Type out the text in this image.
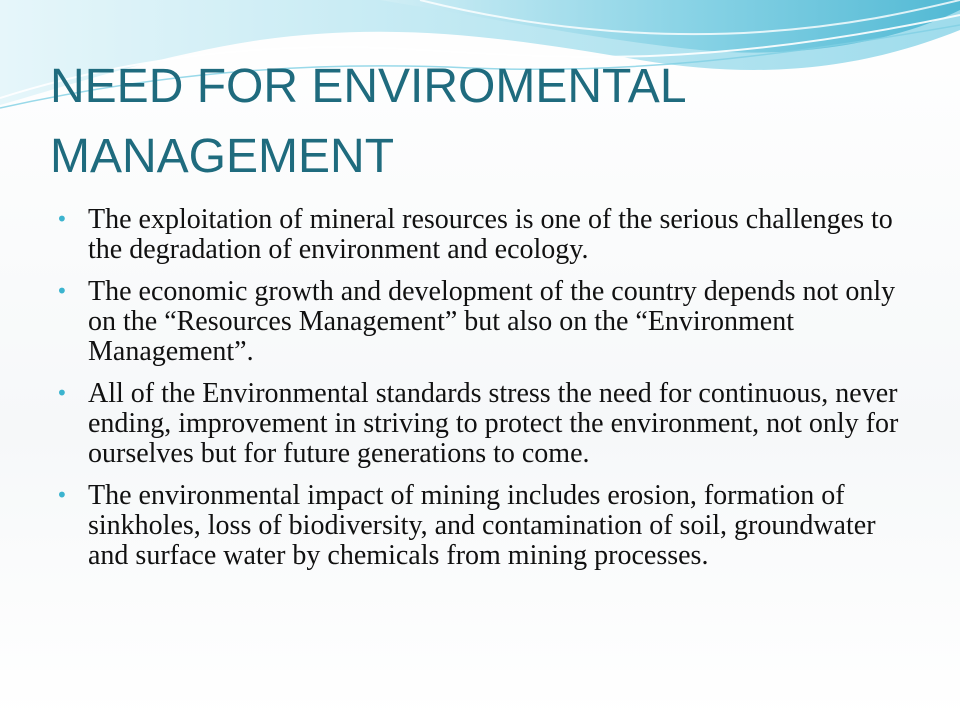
NEED FOR ENVIROMENTAL MANAGEMENT
• The exploitation of mineral resources is one of the serious challenges to the degradation of environment and ecology.
• The economic growth and development of the country depends not only on the “Resources Management” but also on the “Environment Management”.
• All of the Environmental standards stress the need for continuous, never ending, improvement in striving to protect the environment, not only for ourselves but for future generations to come.
• The environmental impact of mining includes erosion, formation of sinkholes, loss of biodiversity, and contamination of soil, groundwater and surface water by chemicals from mining processes.
